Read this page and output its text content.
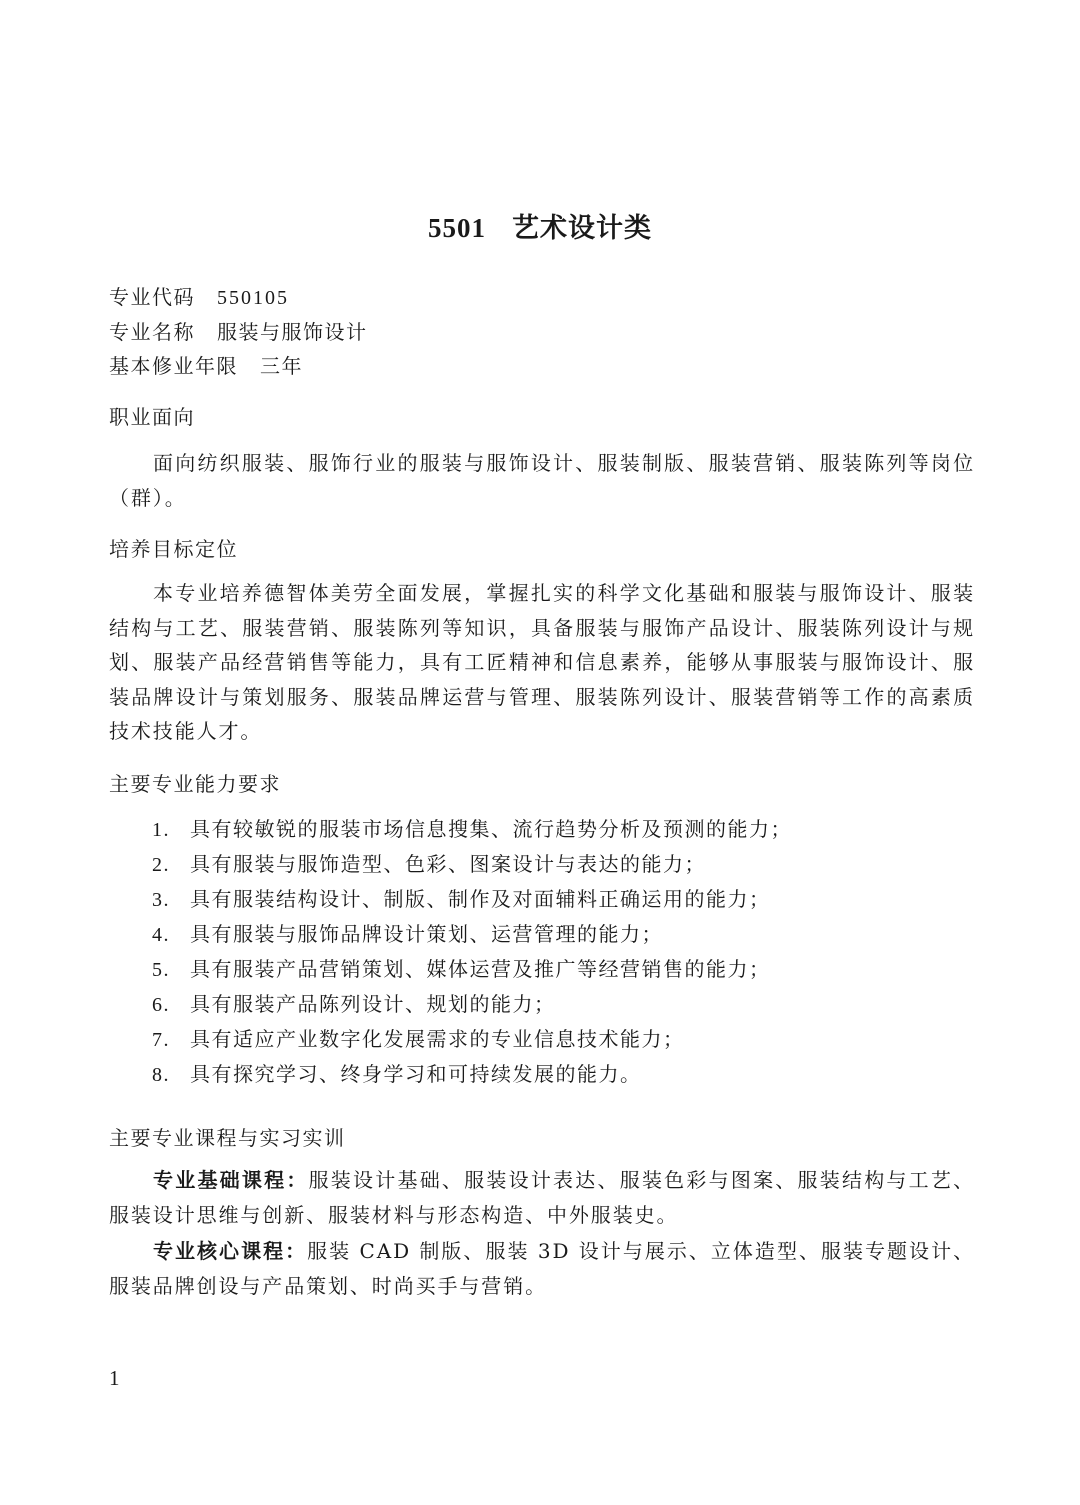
5501 艺术设计类
专业代码 550105
专业名称 服装与服饰设计
基本修业年限 三年
职业面向
面向纺织服装、服饰行业的服装与服饰设计、服装制版、服装营销、服装陈列等岗位（群）。
培养目标定位
本专业培养德智体美劳全面发展，掌握扎实的科学文化基础和服装与服饰设计、服装结构与工艺、服装营销、服装陈列等知识，具备服装与服饰产品设计、服装陈列设计与规划、服装产品经营销售等能力，具有工匠精神和信息素养，能够从事服装与服饰设计、服装品牌设计与策划服务、服装品牌运营与管理、服装陈列设计、服装营销等工作的高素质技术技能人才。
主要专业能力要求
1. 具有较敏锐的服装市场信息搜集、流行趋势分析及预测的能力；
2. 具有服装与服饰造型、色彩、图案设计与表达的能力；
3. 具有服装结构设计、制版、制作及对面辅料正确运用的能力；
4. 具有服装与服饰品牌设计策划、运营管理的能力；
5. 具有服装产品营销策划、媒体运营及推广等经营销售的能力；
6. 具有服装产品陈列设计、规划的能力；
7. 具有适应产业数字化发展需求的专业信息技术能力；
8. 具有探究学习、终身学习和可持续发展的能力。
主要专业课程与实习实训
专业基础课程：服装设计基础、服装设计表达、服装色彩与图案、服装结构与工艺、服装设计思维与创新、服装材料与形态构造、中外服装史。
专业核心课程：服装 CAD 制版、服装 3D 设计与展示、立体造型、服装专题设计、服装品牌创设与产品策划、时尚买手与营销。
1
